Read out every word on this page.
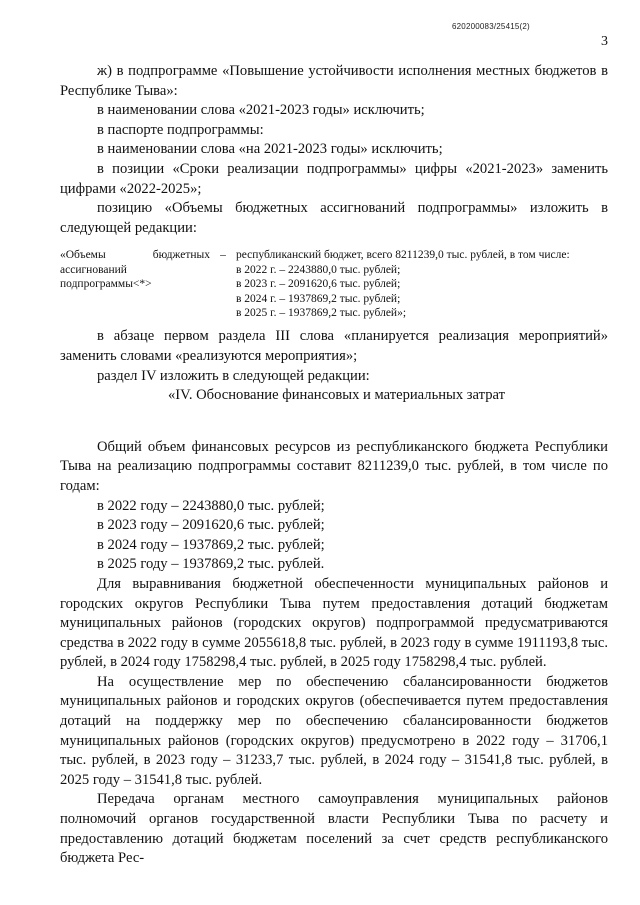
620200083/25415(2)
3

ж) в подпрограмме «Повышение устойчивости исполнения местных бюджетов в Республике Тыва»:

в наименовании слова «2021-2023 годы» исключить;

в паспорте подпрограммы:

в наименовании слова «на 2021-2023 годы» исключить;

в позиции «Сроки реализации подпрограммы» цифры «2021-2023» заменить цифрами «2022-2025»;

позицию «Объемы бюджетных ассигнований подпрограммы» изложить в следующей редакции:

«Объемы бюджетных ассигнований подпрограммы<*>
– республиканский бюджет, всего 8211239,0 тыс. рублей, в том числе:
в 2022 г. – 2243880,0 тыс. рублей;
в 2023 г. – 2091620,6 тыс. рублей;
в 2024 г. – 1937869,2 тыс. рублей;
в 2025 г. – 1937869,2 тыс. рублей»;

в абзаце первом раздела III слова «планируется реализация мероприятий» заменить словами «реализуются мероприятия»;

раздел IV изложить в следующей редакции:

«IV. Обоснование финансовых и материальных затрат

Общий объем финансовых ресурсов из республиканского бюджета Республики Тыва на реализацию подпрограммы составит 8211239,0 тыс. рублей, в том числе по годам:

в 2022 году – 2243880,0 тыс. рублей;

в 2023 году – 2091620,6 тыс. рублей;

в 2024 году – 1937869,2 тыс. рублей;

в 2025 году – 1937869,2 тыс. рублей.

Для выравнивания бюджетной обеспеченности муниципальных районов и городских округов Республики Тыва путем предоставления дотаций бюджетам муниципальных районов (городских округов) подпрограммой предусматриваются средства в 2022 году в сумме 2055618,8 тыс. рублей, в 2023 году в сумме 1911193,8 тыс. рублей, в 2024 году 1758298,4 тыс. рублей, в 2025 году 1758298,4 тыс. рублей.

На осуществление мер по обеспечению сбалансированности бюджетов муниципальных районов и городских округов (обеспечивается путем предоставления дотаций на поддержку мер по обеспечению сбалансированности бюджетов муниципальных районов (городских округов) предусмотрено в 2022 году – 31706,1 тыс. рублей, в 2023 году – 31233,7 тыс. рублей, в 2024 году – 31541,8 тыс. рублей, в 2025 году – 31541,8 тыс. рублей.

Передача органам местного самоуправления муниципальных районов полномочий органов государственной власти Республики Тыва по расчету и предоставлению дотаций бюджетам поселений за счет средств республиканского бюджета Рес-
